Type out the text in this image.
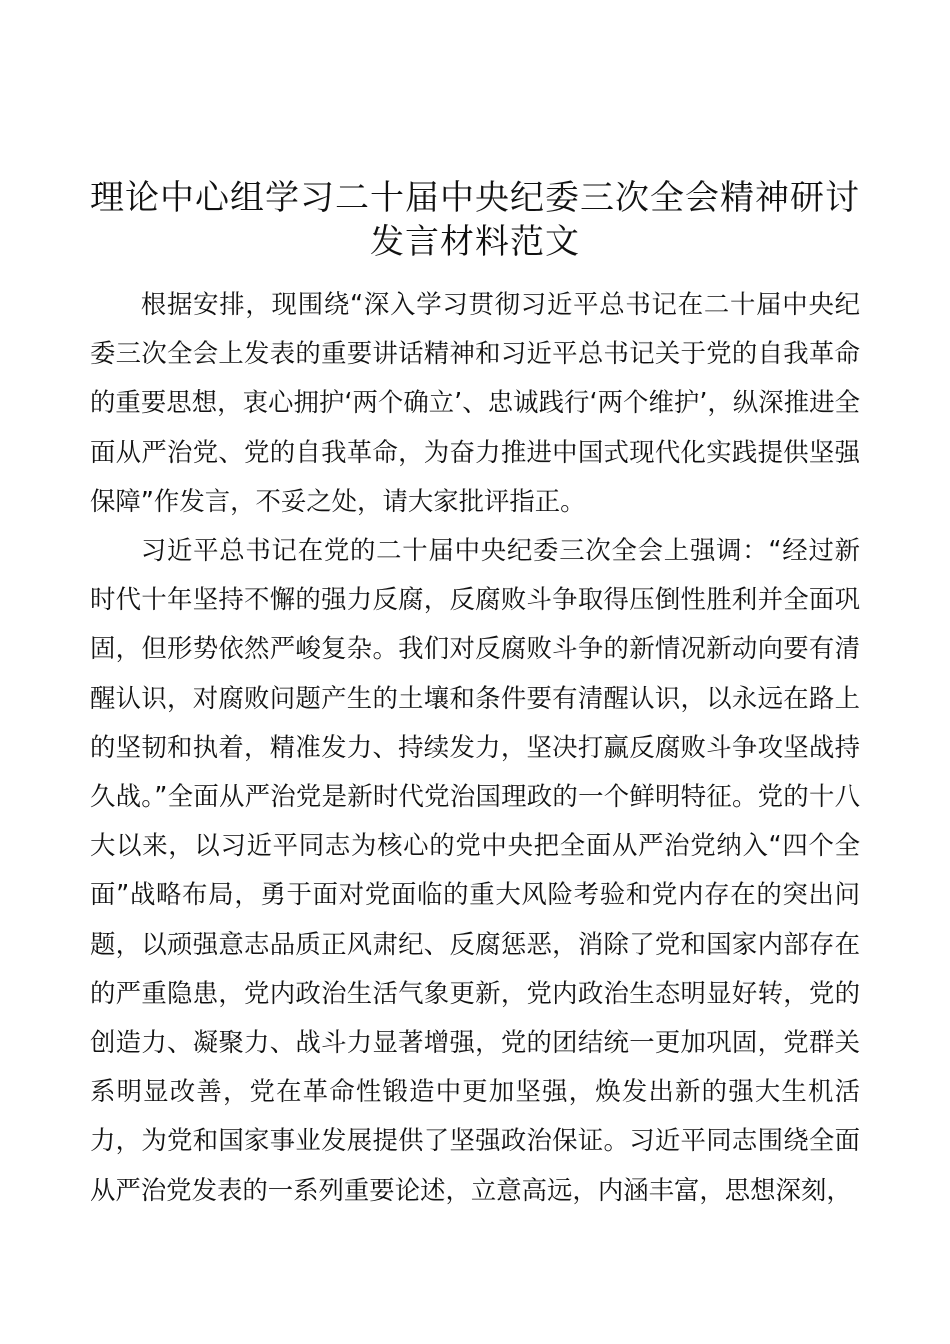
理论中心组学习二十届中央纪委三次全会精神研讨发言材料范文

根据安排，现围绕“深入学习贯彻习近平总书记在二十届中央纪委三次全会上发表的重要讲话精神和习近平总书记关于党的自我革命的重要思想，衷心拥护‘两个确立’、忠诚践行‘两个维护’，纵深推进全面从严治党、党的自我革命，为奋力推进中国式现代化实践提供坚强保障”作发言，不妥之处，请大家批评指正。

习近平总书记在党的二十届中央纪委三次全会上强调：“经过新时代十年坚持不懈的强力反腐，反腐败斗争取得压倒性胜利并全面巩固，但形势依然严峻复杂。我们对反腐败斗争的新情况新动向要有清醒认识，对腐败问题产生的土壤和条件要有清醒认识，以永远在路上的坚韧和执着，精准发力、持续发力，坚决打赢反腐败斗争攻坚战持久战。”全面从严治党是新时代党治国理政的一个鲜明特征。党的十八大以来，以习近平同志为核心的党中央把全面从严治党纳入“四个全面”战略布局，勇于面对党面临的重大风险考验和党内存在的突出问题，以顽强意志品质正风肃纪、反腐惩恶，消除了党和国家内部存在的严重隐患，党内政治生活气象更新，党内政治生态明显好转，党的创造力、凝聚力、战斗力显著增强，党的团结统一更加巩固，党群关系明显改善，党在革命性锻造中更加坚强，焕发出新的强大生机活力，为党和国家事业发展提供了坚强政治保证。习近平同志围绕全面从严治党发表的一系列重要论述，立意高远，内涵丰富，思想深刻，
